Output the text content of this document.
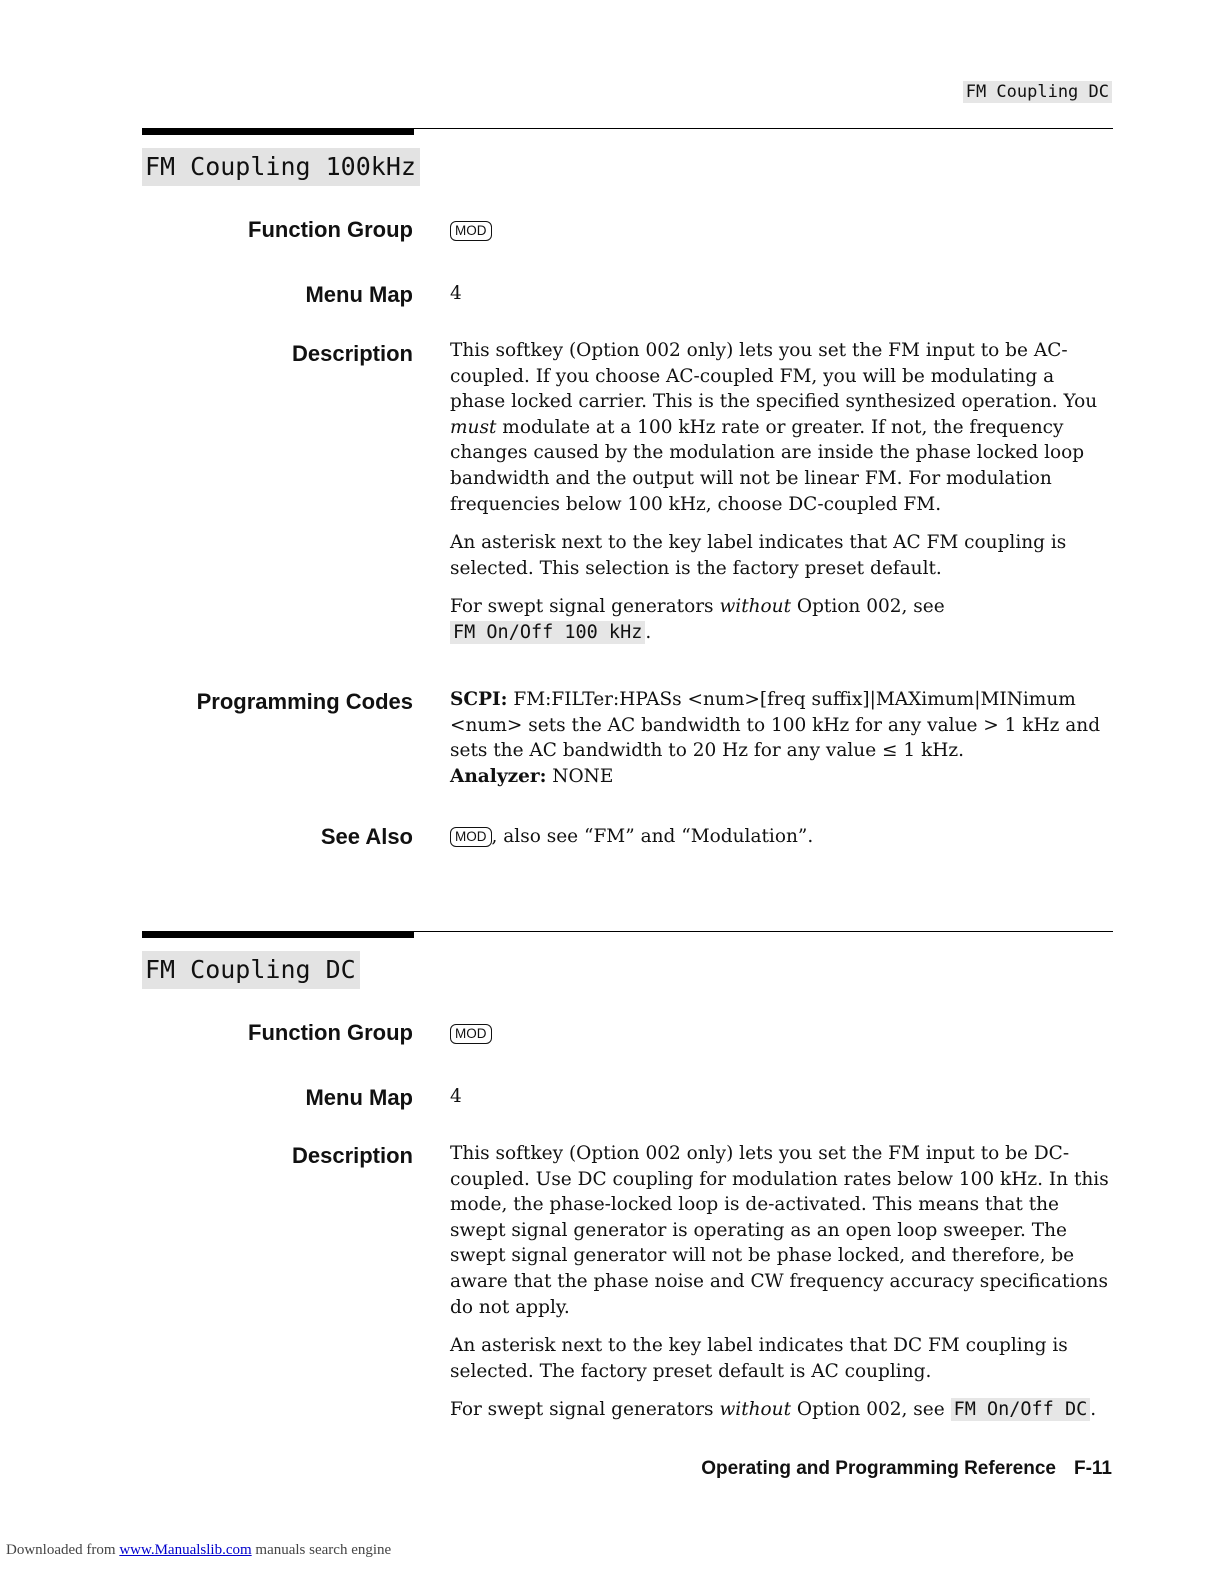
FM Coupling DC
FM Coupling 100kHz
Function Group	MOD
Menu Map 4
Description This softkey (Option 002 only) lets you set the FM input to be AC-coupled. If you choose AC-coupled FM, you will be modulating a phase locked carrier. This is the specified synthesized operation. You must modulate at a 100 kHz rate or greater. If not, the frequency changes caused by the modulation are inside the phase locked loop bandwidth and the output will not be linear FM. For modulation frequencies below 100 kHz, choose DC-coupled FM.

An asterisk next to the key label indicates that AC FM coupling is selected. This selection is the factory preset default.

For swept signal generators without Option 002, see
FM On/Off 100 kHz .

Programming Codes SCPI: FM:FILTer:HPASs <num>[freq suffix]|MAXimum|MINimum <num> sets the AC bandwidth to 100 kHz for any value > 1 kHz and sets the AC bandwidth to 20 Hz for any value ≤ 1 kHz.
Analyzer: NONE

See Also	MOD , also see “FM” and “Modulation”.
FM Coupling DC
Function Group	MOD
Menu Map 4
Description This softkey (Option 002 only) lets you set the FM input to be DC-coupled. Use DC coupling for modulation rates below 100 kHz. In this mode, the phase-locked loop is de-activated. This means that the swept signal generator is operating as an open loop sweeper. The swept signal generator will not be phase locked, and therefore, be aware that the phase noise and CW frequency accuracy specifications do not apply.

An asterisk next to the key label indicates that DC FM coupling is selected. The factory preset default is AC coupling.

For swept signal generators without Option 002, see FM On/Off DC .

Operating and Programming Reference F-11
Downloaded from www.Manualslib.com manuals search engine
